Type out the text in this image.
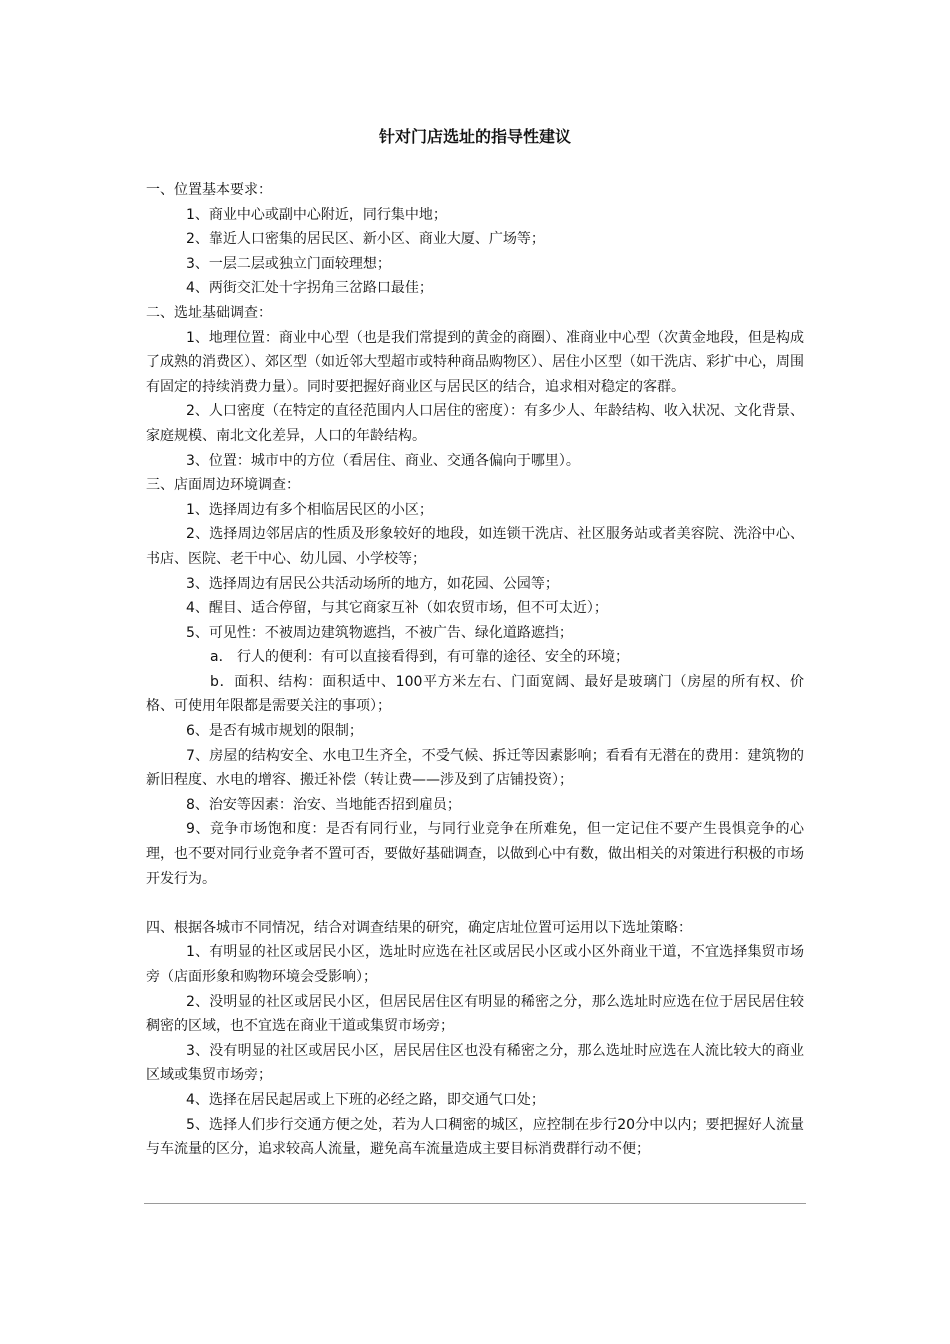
针对门店选址的指导性建议

一、位置基本要求：

1、商业中心或副中心附近，同行集中地；

2、靠近人口密集的居民区、新小区、商业大厦、广场等；

3、一层二层或独立门面较理想；

4、两街交汇处十字拐角三岔路口最佳；

二、选址基础调查：

1、地理位置：商业中心型（也是我们常提到的黄金的商圈）、准商业中心型（次黄金地段，但是构成了成熟的消费区）、郊区型（如近邻大型超市或特种商品购物区）、居住小区型（如干洗店、彩扩中心，周围有固定的持续消费力量）。同时要把握好商业区与居民区的结合，追求相对稳定的客群。

2、人口密度（在特定的直径范围内人口居住的密度）：有多少人、年龄结构、收入状况、文化背景、家庭规模、南北文化差异，人口的年龄结构。

3、位置：城市中的方位（看居住、商业、交通各偏向于哪里）。

三、店面周边环境调查：

1、选择周边有多个相临居民区的小区；

2、选择周边邻居店的性质及形象较好的地段，如连锁干洗店、社区服务站或者美容院、洗浴中心、书店、医院、老干中心、幼儿园、小学校等；

3、选择周边有居民公共活动场所的地方，如花园、公园等；

4、醒目、适合停留，与其它商家互补（如农贸市场，但不可太近）；

5、可见性：不被周边建筑物遮挡，不被广告、绿化道路遮挡；

a． 行人的便利：有可以直接看得到，有可靠的途径、安全的环境；

b．面积、结构：面积适中、100平方米左右、门面宽阔、最好是玻璃门（房屋的所有权、价格、可使用年限都是需要关注的事项）；

6、是否有城市规划的限制；

7、房屋的结构安全、水电卫生齐全，不受气候、拆迁等因素影响；看看有无潜在的费用：建筑物的新旧程度、水电的增容、搬迁补偿（转让费——涉及到了店铺投资）；

8、治安等因素：治安、当地能否招到雇员；

9、竞争市场饱和度：是否有同行业，与同行业竞争在所难免，但一定记住不要产生畏惧竞争的心理，也不要对同行业竞争者不置可否，要做好基础调查，以做到心中有数，做出相关的对策进行积极的市场开发行为。

四、根据各城市不同情况，结合对调查结果的研究，确定店址位置可运用以下选址策略：

1、有明显的社区或居民小区，选址时应选在社区或居民小区或小区外商业干道，不宜选择集贸市场旁（店面形象和购物环境会受影响）；

2、没明显的社区或居民小区，但居民居住区有明显的稀密之分，那么选址时应选在位于居民居住较稠密的区域，也不宜选在商业干道或集贸市场旁；

3、没有明显的社区或居民小区，居民居住区也没有稀密之分，那么选址时应选在人流比较大的商业区域或集贸市场旁；

4、选择在居民起居或上下班的必经之路，即交通气口处；

5、选择人们步行交通方便之处，若为人口稠密的城区，应控制在步行20分中以内；要把握好人流量与车流量的区分，追求较高人流量，避免高车流量造成主要目标消费群行动不便；
